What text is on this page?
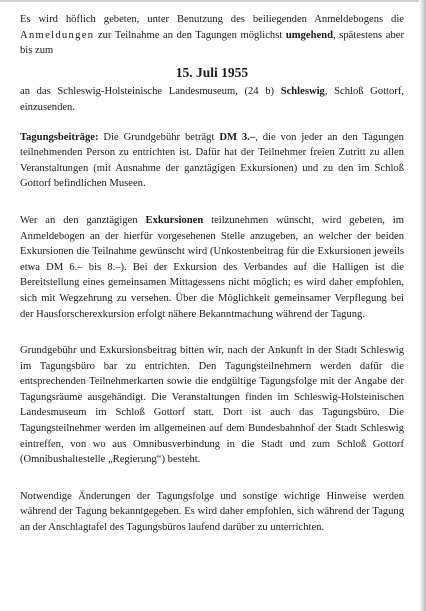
Es wird höflich gebeten, unter Benutzung des beiliegenden Anmeldebogens die Anmeldungen zur Teilnahme an den Tagungen möglichst umgehend, spätestens aber bis zum

15. Juli 1955

an das Schleswig-Holsteinische Landesmuseum, (24 b) Schleswig, Schloß Gottorf, einzusenden.

Tagungsbeiträge: Die Grundgebühr beträgt DM 3.–, die von jeder an den Tagungen teilnehmenden Person zu entrichten ist. Dafür hat der Teilnehmer freien Zutritt zu allen Veranstaltungen (mit Ausnahme der ganztägigen Exkursionen) und zu den im Schloß Gottorf befindlichen Museen.

Wer an den ganztägigen Exkursionen teilzunehmen wünscht, wird gebeten, im Anmeldebogen an der hierfür vorgesehenen Stelle anzugeben, an welcher der beiden Exkursionen die Teilnahme gewünscht wird (Unkostenbeitrag für die Exkursionen jeweils etwa DM 6.– bis 8.–). Bei der Exkursion des Verbandes auf die Halligen ist die Bereitstellung eines gemeinsamen Mittagessens nicht möglich; es wird daher empfohlen, sich mit Wegzehrung zu versehen. Über die Möglichkeit gemeinsamer Verpflegung bei der Hausforscherexkursion erfolgt nähere Bekanntmachung während der Tagung.

Grundgebühr und Exkursionsbeitrag bitten wir, nach der Ankunft in der Stadt Schleswig im Tagungsbüro bar zu entrichten. Den Tagungsteilnehmern werden dafür die entsprechenden Teilnehmerkarten sowie die endgültige Tagungsfolge mit der Angabe der Tagungsräume ausgehändigt. Die Veranstaltungen finden im Schleswig-Holsteinischen Landesmuseum im Schloß Gottorf statt. Dort ist auch das Tagungsbüro. Die Tagungsteilnehmer werden im allgemeinen auf dem Bundesbahnhof der Stadt Schleswig eintreffen, von wo aus Omnibusverbindung in die Stadt und zum Schloß Gottorf (Omnibushaltestelle „Regierung“) besteht.

Notwendige Änderungen der Tagungsfolge und sonstige wichtige Hinweise werden während der Tagung bekanntgegeben. Es wird daher empfohlen, sich während der Tagung an der Anschlagtafel des Tagungsbüros laufend darüber zu unterrichten.
